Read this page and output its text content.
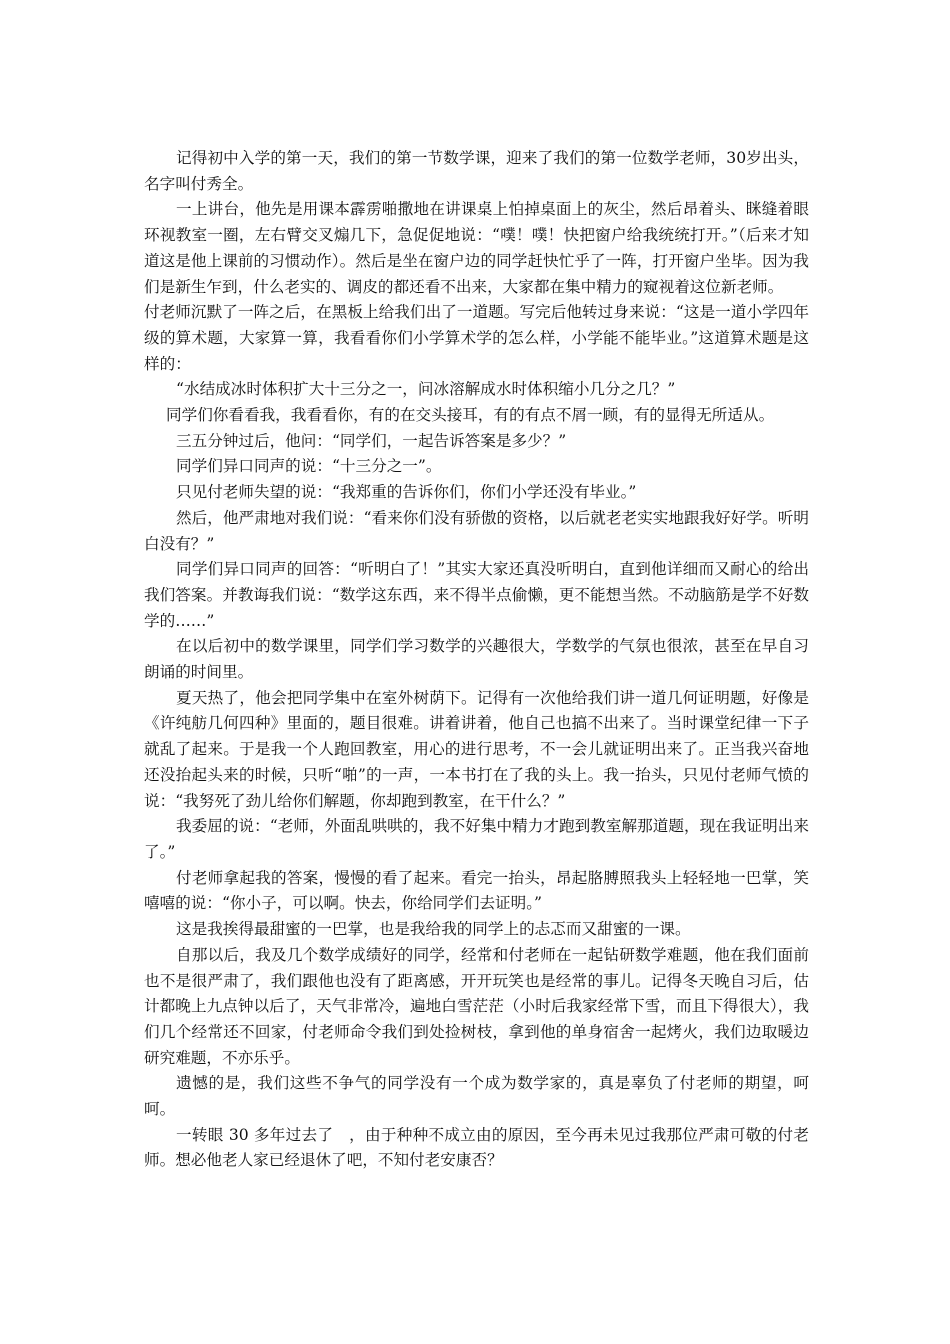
记得初中入学的第一天，我们的第一节数学课，迎来了我们的第一位数学老师，30岁出头，名字叫付秀全。

一上讲台，他先是用课本霹雳啪撒地在讲课桌上怕掉桌面上的灰尘，然后昂着头、眯缝着眼环视教室一圈，左右臂交叉煽几下，急促促地说：“噗！噗！快把窗户给我统统打开。”（后来才知道这是他上课前的习惯动作）。然后是坐在窗户边的同学赶快忙乎了一阵，打开窗户坐毕。因为我们是新生乍到，什么老实的、调皮的都还看不出来，大家都在集中精力的窥视着这位新老师。

付老师沉默了一阵之后，在黑板上给我们出了一道题。写完后他转过身来说：“这是一道小学四年级的算术题，大家算一算，我看看你们小学算术学的怎么样，小学能不能毕业。”这道算术题是这样的：

“水结成冰时体积扩大十三分之一，问冰溶解成水时体积缩小几分之几？”

同学们你看看我，我看看你，有的在交头接耳，有的有点不屑一顾，有的显得无所适从。

三五分钟过后，他问：“同学们，一起告诉答案是多少？”

同学们异口同声的说：“十三分之一”。

只见付老师失望的说：“我郑重的告诉你们，你们小学还没有毕业。”

然后，他严肃地对我们说：“看来你们没有骄傲的资格，以后就老老实实地跟我好好学。听明白没有？”

同学们异口同声的回答：“听明白了！”其实大家还真没听明白，直到他详细而又耐心的给出我们答案。并教诲我们说：“数学这东西，来不得半点偷懒，更不能想当然。不动脑筋是学不好数学的……”

在以后初中的数学课里，同学们学习数学的兴趣很大，学数学的气氛也很浓，甚至在早自习朗诵的时间里。

夏天热了，他会把同学集中在室外树荫下。记得有一次他给我们讲一道几何证明题，好像是《许纯舫几何四种》里面的，题目很难。讲着讲着，他自己也搞不出来了。当时课堂纪律一下子就乱了起来。于是我一个人跑回教室，用心的进行思考，不一会儿就证明出来了。正当我兴奋地还没抬起头来的时候，只听“啪”的一声，一本书打在了我的头上。我一抬头，只见付老师气愤的说：“我努死了劲儿给你们解题，你却跑到教室，在干什么？”

我委屈的说：“老师，外面乱哄哄的，我不好集中精力才跑到教室解那道题，现在我证明出来了。”

付老师拿起我的答案，慢慢的看了起来。看完一抬头，昂起胳膊照我头上轻轻地一巴掌，笑嘻嘻的说：“你小子，可以啊。快去，你给同学们去证明。”

这是我挨得最甜蜜的一巴掌，也是我给我的同学上的忐忑而又甜蜜的一课。

自那以后，我及几个数学成绩好的同学，经常和付老师在一起钻研数学难题，他在我们面前也不是很严肃了，我们跟他也没有了距离感，开开玩笑也是经常的事儿。记得冬天晚自习后，估计都晚上九点钟以后了，天气非常冷，遍地白雪茫茫（小时后我家经常下雪，而且下得很大），我们几个经常还不回家，付老师命令我们到处捡树枝，拿到他的单身宿舍一起烤火，我们边取暖边研究难题，不亦乐乎。

遗憾的是，我们这些不争气的同学没有一个成为数学家的，真是辜负了付老师的期望，呵呵。

一转眼 30 多年过去了　，由于种种不成立由的原因，至今再未见过我那位严肃可敬的付老师。想必他老人家已经退休了吧，不知付老安康否？
